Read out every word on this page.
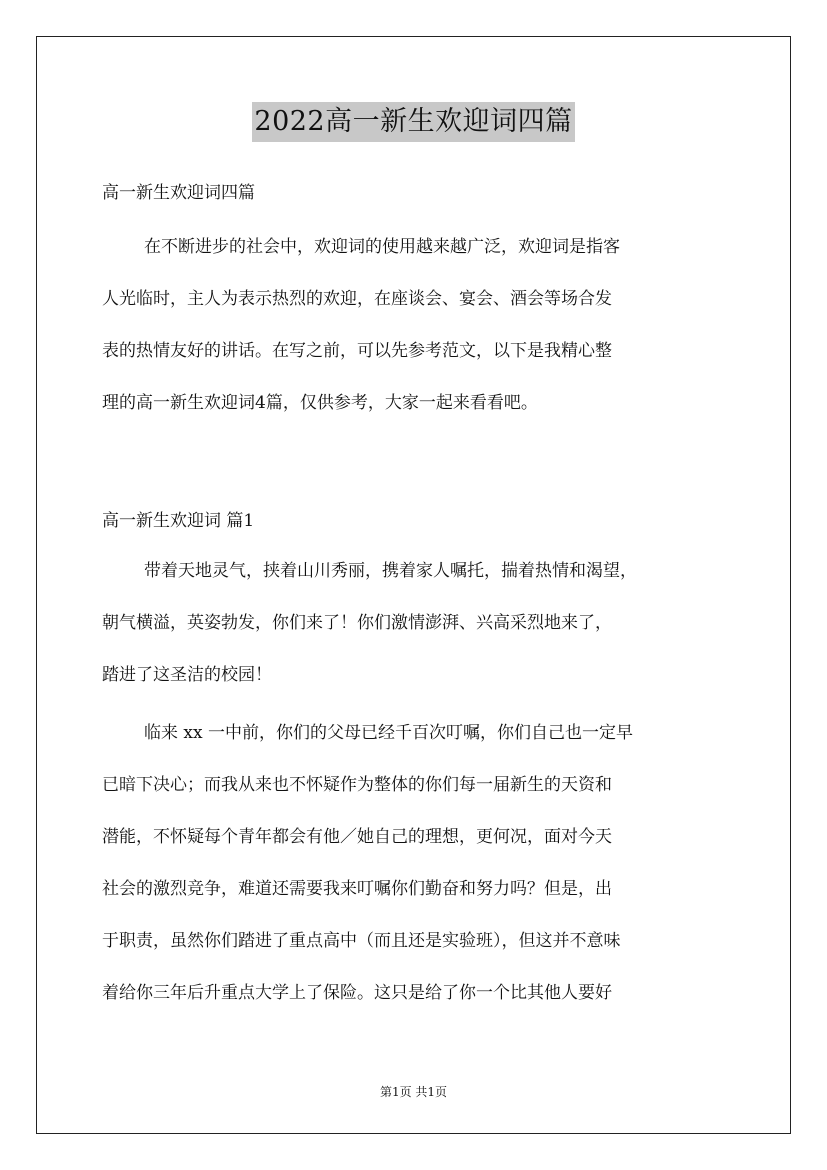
2022高一新生欢迎词四篇
高一新生欢迎词四篇
在不断进步的社会中，欢迎词的使用越来越广泛，欢迎词是指客
人光临时，主人为表示热烈的欢迎，在座谈会、宴会、酒会等场合发
表的热情友好的讲话。在写之前，可以先参考范文，以下是我精心整
理的高一新生欢迎词4篇，仅供参考，大家一起来看看吧。
高一新生欢迎词 篇1
带着天地灵气，挟着山川秀丽，携着家人嘱托，揣着热情和渴望，
朝气横溢，英姿勃发，你们来了！你们激情澎湃、兴高采烈地来了，
踏进了这圣洁的校园！
临来 xx 一中前，你们的父母已经千百次叮嘱，你们自己也一定早
已暗下决心；而我从来也不怀疑作为整体的你们每一届新生的天资和
潜能，不怀疑每个青年都会有他／她自己的理想，更何况，面对今天
社会的激烈竞争，难道还需要我来叮嘱你们勤奋和努力吗？但是，出
于职责，虽然你们踏进了重点高中（而且还是实验班），但这并不意味
着给你三年后升重点大学上了保险。这只是给了你一个比其他人要好
第1页 共1页
